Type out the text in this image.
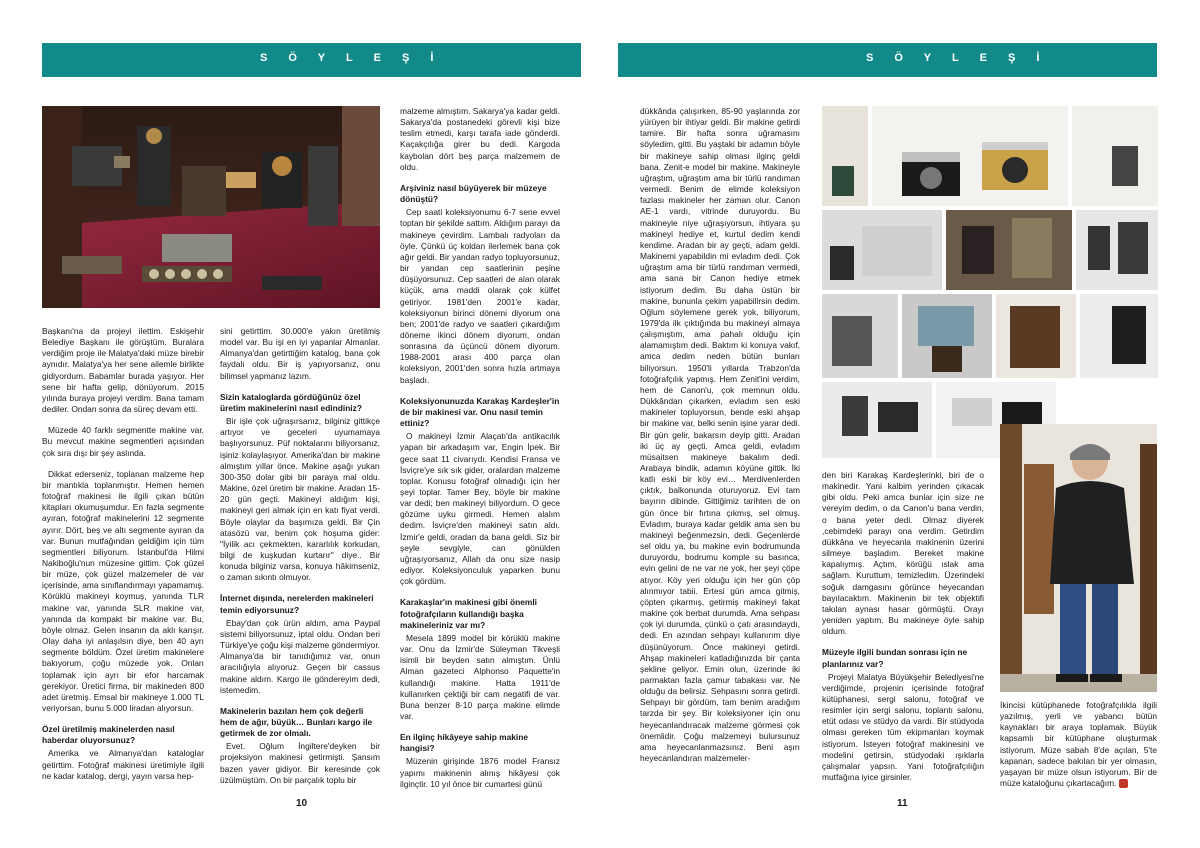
S Ö Y L E Ş İ	S Ö Y L E Ş İ

Başkanı'na da projeyi ilettim. Eskişehir Belediye Başkanı ile görüştüm. Buralara verdiğim proje ile Malatya'daki müze birebir aynıdır. Malatya'ya her sene ailemle birlikte gidiyordum. Babamlar burada yaşıyor. Her sene bir hafta gelip, dönüyorum. 2015 yılında buraya projeyi verdim. Bana tamam dediler. Ondan sonra da süreç devam etti.

Müzede 40 farklı segmentte makine var. Bu mevcut makine segmentleri açısından çok sıra dışı bir şey aslında.

Dikkat ederseniz, toplanan malzeme hep bir mantıkla toplanmıştır. Hemen hemen fotoğraf makinesi ile ilgili çıkan bütün kitapları okumuşumdur. En fazla segmente ayıran, fotoğraf makinelerini 12 segmente ayırır. Dört, beş ve altı segmente ayıran da var. Bunun mutfağından geldiğim için tüm segmentleri biliyorum. İstanbul'da Hilmi Nakiboğlu'nun müzesine gittim. Çok güzel bir müze, çok güzel malzemeler de var içerisinde, ama sınıflandırmayı yapamamış. Körüklü makineyi koymuş, yanında TLR makine var, yanında SLR makine var, yanında da kompakt bir makine var. Bu, böyle olmaz. Gelen insanın da aklı karışır. Olay daha iyi anlaşılsın diye, ben 40 ayrı segmente böldüm. Özel üretim makinelere bakıyorum, çoğu müzede yok. Onları toplamak için ayrı bir efor harcamak gerekiyor. Üretici firma, bir makineden 800 adet üretmiş. Emsal bir makineye 1.000 TL veriyorsan, bunu 5.000 liradan alıyorsun.

Özel üretilmiş makinelerden nasıl haberdar oluyorsunuz?

Amerika ve Almanya'dan kataloglar getirttim. Fotoğraf makinesi üretimiyle ilgili ne kadar katalog, dergi, yayın varsa hep-

sini getirttim. 30.000'e yakın üretilmiş model var. Bu işi en iyi yapanlar Almanlar. Almanya'dan getirttiğim katalog, bana çok faydalı oldu. Bir iş yapıyorsanız, onu bilimsel yapmanız lazım.

Sizin kataloglarda gördüğünüz özel üretim makinelerini nasıl edindiniz?

Bir işle çok uğraşırsanız, bilginiz gittikçe artıyor ve geceleri uyumamaya başlıyorsunuz. Püf noktalarını biliyorsanız, işiniz kolaylaşıyor. Amerika'dan bir makine almıştım yıllar önce. Makine aşağı yukarı 300-350 dolar gibi bir paraya mal oldu. Makine, özel üretim bir makine. Aradan 15-20 gün geçti. Makineyi aldığım kişi, makineyi geri almak için en katı fiyat verdi. Böyle olaylar da başımıza geldi. Bir Çin atasözü var, benim çok hoşuma gider: "İyilik acı çekmekten, kararlılık korkudan, bilgi de kuşkudan kurtarır" diye.. Bir konuda bilginiz varsa, konuya hâkimseniz, o zaman sıkıntı olmuyor.

İnternet dışında, nerelerden makineleri temin ediyorsunuz?

Ebay'dan çok ürün aldım, ama Paypal sistemi biliyorsunuz, iptal oldu. Ondan beri Türkiye'ye çoğu kişi malzeme göndermiyor. Almanya'da bir tanıdığımız var, onun aracılığıyla alıyoruz. Geçen bir cassus makine aldım. Kargo ile göndereyim dedi, istemedim.

Makinelerin bazıları hem çok değerli hem de ağır, büyük… Bunları kargo ile getirmek de zor olmalı.

Evet. Oğlum İngiltere'deyken bir projeksiyon makinesi getirmişti. Şansım bazen yaver gidiyor. Bir keresinde çok üzülmüştüm. On bir parçalık toplu bir

malzeme almıştım. Sakarya'ya kadar geldi. Sakarya'da postanedeki görevli kişi bize teslim etmedi, karşı tarafa iade gönderdi. Kaçakçılığa girer bu dedi. Kargoda kaybolan dört beş parça malzemem de oldu.

Arşiviniz nasıl büyüyerek bir müzeye dönüştü?

Cep saati koleksiyonumu 6-7 sene evvel toptan bir şekilde sattım. Aldığım parayı da makineye çevirdim. Lambalı radyoları da öyle. Çünkü üç koldan ilerlemek bana çok ağır geldi. Bir yandan radyo topluyorsunuz, bir yandan cep saatlerinin peşine düşüyorsunuz. Cep saatleri de alan olarak küçük, ama maddi olarak çok külfet getiriyor. 1981'den 2001'e kadar, koleksiyonun birinci dönemi diyorum ona ben; 2001'de radyo ve saatleri çıkardığım döneme ikinci dönem diyorum, ondan sonrasına da üçüncü dönem diyorum. 1988-2001 arası 400 parça olan koleksiyon, 2001'den sonra hızla artmaya başladı.

Koleksiyonunuzda Karakaş Kardeşler'in de bir makinesi var. Onu nasıl temin ettiniz?

O makineyi İzmir Alaçatı'da antikacılık yapan bir arkadaşım var, Engin İpek. Bir gece saat 11 civarıydı. Kendisi Fransa ve İsviçre'ye sık sık gider, oralardan malzeme toplar. Konusu fotoğraf olmadığı için her şeyi toplar. Tamer Bey, böyle bir makine var dedi; ben makineyi biliyordum. O gece gözüme uyku girmedi. Hemen alalım dedim. İsviçre'den makineyi satın aldı. İzmir'e geldi, oradan da bana geldi. Siz bir şeyle sevgiyle, can gönülden uğraşıyorsanız, Allah da onu size nasip ediyor. Koleksiyonculuk yaparken bunu çok gördüm.

Karakaşlar'ın makinesi gibi önemli fotoğrafçıların kullandığı başka makineleriniz var mı?

Mesela 1899 model bir körüklü makine var. Onu da İzmir'de Süleyman Tikveşli isimli bir beyden satın almıştım. Ünlü Alman gazeteci Alphonso Paquette'in kullandığı makine. Hatta 1911'de kullanırken çektiği bir cam negatifi de var. Buna benzer 8-10 parça makine elimde var.

En ilginç hikâyeye sahip makine hangisi?

Müzenin girişinde 1876 model Fransız yapımı makinenin alınış hikâyesi çok ilginçtir. 10 yıl önce bir cumartesi günü

dükkânda çalışırken, 85-90 yaşlarında zor yürüyen bir ihtiyar geldi. Bir makine getirdi tamire. Bir hafta sonra uğramasını söyledim, gitti. Bu yaştaki bir adamın böyle bir makineye sahip olması ilginç geldi bana. Zenit-e model bir makine. Makineyle uğraştım, uğraştım ama bir türlü randıman vermedi. Benim de elimde koleksiyon fazlası makineler her zaman olur. Canon AE-1 vardı, vitrinde duruyordu. Bu makineyle niye uğraşıyorsun, ihtiyara şu makineyi hediye et, kurtul dedim kendi kendime. Aradan bir ay geçti, adam geldi. Makinemi yapabildin mi evladım dedi. Çok uğraştım ama bir türlü randıman vermedi, ama sana bir Canon hediye etmek istiyorum dedim. Bu daha üstün bir makine, bununla çekim yapabilirsin dedim. Oğlum söylemene gerek yok, biliyorum, 1979'da ilk çıktığında bu makineyi almaya çalışmıştım, ama pahalı olduğu için alamamıştım dedi. Baktım ki konuya vakıf, amca dedim neden bütün bunları biliyorsun. 1950'li yıllarda Trabzon'da fotoğrafçılık yapmış. Hem Zenit'ini verdim, hem de Canon'u, çok memnun oldu. Dükkândan çıkarken, evladım sen eski makineler topluyorsun, bende eski ahşap bir makine var, belki senin işine yarar dedi. Bir gün gelir, bakarsın deyip gitti. Aradan iki üç ay geçti. Amca geldi, evladım müsaitsen makineye bakalım dedi. Arabaya bindik, adamın köyüne gittik. İki katlı eski bir köy evi… Merdivenlerden çıktık, balkonunda oturuyoruz. Evi tam bayırın dibinde. Gittiğimiz tarihten de on gün önce bir fırtına çıkmış, sel olmuş. Evladım, buraya kadar geldik ama sen bu makineyi beğenmezsin, dedi. Geçenlerde sel oldu ya, bu makine evin bodrumunda duruyordu, bodrumu komple su basınca, evin gelini de ne var ne yok, her şeyi çöpe atıyor. Köy yeri olduğu için her gün çöp alınmıyor tabii. Ertesi gün amca gitmiş, çöpten çıkarmış, getirmiş makineyi fakat makine çok berbat durumda. Ama sehpası çok iyi durumda, çünkü o çatı arasındaydı, dedi. En azından sehpayı kullanırım diye düşünüyorum. Önce makineyi getirdi. Ahşap makineleri katladığınızda bir çanta şekline geliyor. Emin olun, üzerinde iki parmaktan fazla çamur tabakası var. Ne olduğu da belirsiz. Sehpasını sonra getirdi. Sehpayı bir gördüm, tam benim aradığım tarzda bir şey. Bir koleksiyoner için onu heyecanlandıracak malzeme görmesi çok önemlidir. Çoğu malzemeyi bulursunuz ama heyecanlanmazsınız. Beni aşırı heyecanlandıran malzemeler-

den biri Karakaş Kardeşlerinki, biri de o makinedir. Yani kalbim yerinden çıkacak gibi oldu. Peki amca bunlar için size ne vereyim dedim, o da Canon'u bana verdin, o bana yeter dedi. Olmaz diyerek ,cebimdeki parayı ona verdim. Getirdim dükkâna ve heyecanla makinenin üzerini silmeye başladım. Bereket makine kapalıymış. Açtım, körüğü ıslak ama sağlam. Kuruttum, temizledim. Üzerindeki soğuk damgasını görünce heyecandan bayılacaktım. Makinenin bir tek objektifi takılan aynası hasar görmüştü. Orayı yeniden yaptım. Bu makineye öyle sahip oldum.

Müzeyle ilgili bundan sonrası için ne planlarınız var?

Projeyi Malatya Büyükşehir Belediyesi'ne verdiğimde, projenin içerisinde fotoğraf kütüphanesi, sergi salonu, fotoğraf ve resimler için sergi salonu, toplantı salonu, etüt odası ve stüdyo da vardı. Bir stüdyoda olması gereken tüm ekipmanları koymak istiyorum. İsteyen fotoğraf makinesini ve modelini getirsin, stüdyodaki ışıklarla çalışmalar yapsın. Yani fotoğrafçılığın mutfağına iyice girsinler.

İkincisi kütüphanede fotoğrafçılıkla ilgili yazılmış, yerli ve yabancı bütün kaynakları bir araya toplamak. Büyük kapsamlı bir kütüphane oluşturmak istiyorum. Müze sabah 8'de açılan, 5'te kapanan, sadece bakılan bir yer olmasın, yaşayan bir müze olsun istiyorum. Bir de müze kataloğunu çıkartacağım.

10	11
